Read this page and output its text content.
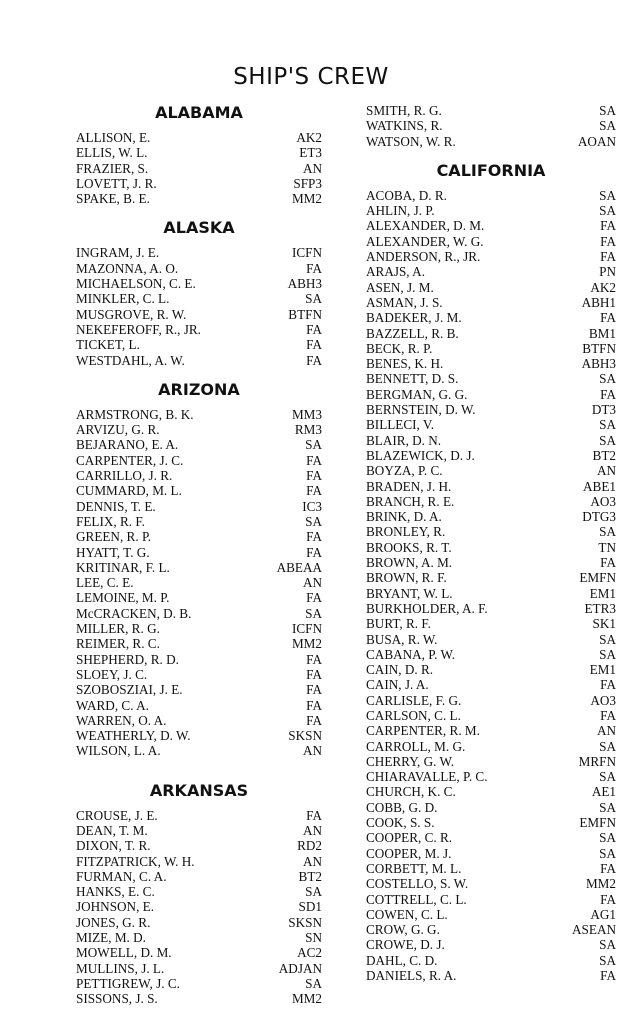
SHIP'S CREW
ALABAMA
ALLISON, E.	AK2
ELLIS, W. L.	ET3
FRAZIER, S.	AN
LOVETT, J. R.	SFP3
SPAKE, B. E.	MM2
ALASKA
INGRAM, J. E.	ICFN
MAZONNA, A. O.	FA
MICHAELSON, C. E.	ABH3
MINKLER, C. L.	SA
MUSGROVE, R. W.	BTFN
NEKEFEROFF, R., JR.	FA
TICKET, L.	FA
WESTDAHL, A. W.	FA
ARIZONA
ARMSTRONG, B. K.	MM3
ARVIZU, G. R.	RM3
BEJARANO, E. A.	SA
CARPENTER, J. C.	FA
CARRILLO, J. R.	FA
CUMMARD, M. L.	FA
DENNIS, T. E.	IC3
FELIX, R. F.	SA
GREEN, R. P.	FA
HYATT, T. G.	FA
KRITINAR, F. L.	ABEAA
LEE, C. E.	AN
LEMOINE, M. P.	FA
McCRACKEN, D. B.	SA
MILLER, R. G.	ICFN
REIMER, R. C.	MM2
SHEPHERD, R. D.	FA
SLOEY, J. C.	FA
SZOBOSZIAI, J. E.	FA
WARD, C. A.	FA
WARREN, O. A.	FA
WEATHERLY, D. W.	SKSN
WILSON, L. A.	AN
ARKANSAS
CROUSE, J. E.	FA
DEAN, T. M.	AN
DIXON, T. R.	RD2
FITZPATRICK, W. H.	AN
FURMAN, C. A.	BT2
HANKS, E. C.	SA
JOHNSON, E.	SD1
JONES, G. R.	SKSN
MIZE, M. D.	SN
MOWELL, D. M.	AC2
MULLINS, J. L.	ADJAN
PETTIGREW, J. C.	SA
SISSONS, J. S.	MM2
SMITH, R. G.	SA
WATKINS, R.	SA
WATSON, W. R.	AOAN
CALIFORNIA
ACOBA, D. R.	SA
AHLIN, J. P.	SA
ALEXANDER, D. M.	FA
ALEXANDER, W. G.	FA
ANDERSON, R., JR.	FA
ARAJS, A.	PN
ASEN, J. M.	AK2
ASMAN, J. S.	ABH1
BADEKER, J. M.	FA
BAZZELL, R. B.	BM1
BECK, R. P.	BTFN
BENES, K. H.	ABH3
BENNETT, D. S.	SA
BERGMAN, G. G.	FA
BERNSTEIN, D. W.	DT3
BILLECI, V.	SA
BLAIR, D. N.	SA
BLAZEWICK, D. J.	BT2
BOYZA, P. C.	AN
BRADEN, J. H.	ABE1
BRANCH, R. E.	AO3
BRINK, D. A.	DTG3
BRONLEY, R.	SA
BROOKS, R. T.	TN
BROWN, A. M.	FA
BROWN, R. F.	EMFN
BRYANT, W. L.	EM1
BURKHOLDER, A. F.	ETR3
BURT, R. F.	SK1
BUSA, R. W.	SA
CABANA, P. W.	SA
CAIN, D. R.	EM1
CAIN, J. A.	FA
CARLISLE, F. G.	AO3
CARLSON, C. L.	FA
CARPENTER, R. M.	AN
CARROLL, M. G.	SA
CHERRY, G. W.	MRFN
CHIARAVALLE, P. C.	SA
CHURCH, K. C.	AE1
COBB, G. D.	SA
COOK, S. S.	EMFN
COOPER, C. R.	SA
COOPER, M. J.	SA
CORBETT, M. L.	FA
COSTELLO, S. W.	MM2
COTTRELL, C. L.	FA
COWEN, C. L.	AG1
CROW, G. G.	ASEAN
CROWE, D. J.	SA
DAHL, C. D.	SA
DANIELS, R. A.	FA
